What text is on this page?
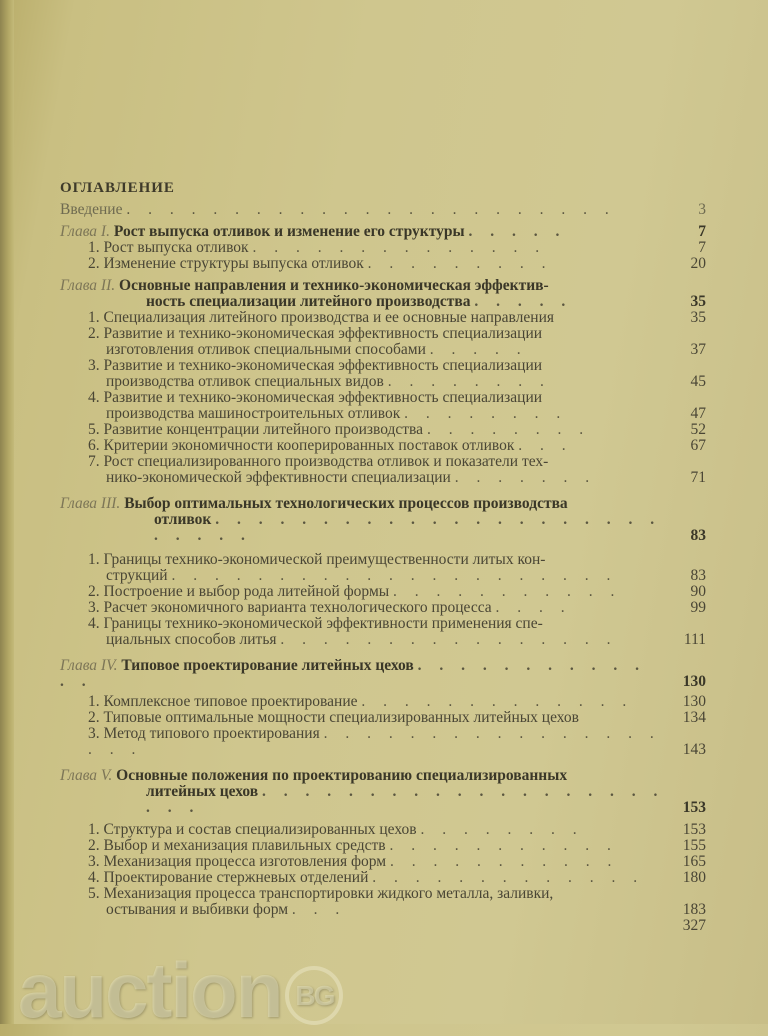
ОГЛАВЛЕНИЕ
Введение . . . . . . . . . . . . . . . . . . . . . . .	3
Глава I. Рост выпуска отливок и изменение его структуры . . . . .	7
1. Рост выпуска отливок . . . . . . . . . . . . . .	7
2. Изменение структуры выпуска отливок . . . . . . . . .	20
Глава II. Основные направления и технико-экономическая эффектив-
ность специализации литейного производства . . . . .	35
1. Специализация литейного производства и ее основные направления	35
2. Развитие и технико-экономическая эффективность специализации
изготовления отливок специальными способами . . . . .	37
3. Развитие и технико-экономическая эффективность специализации
производства отливок специальных видов . . . . . . . .	45
4. Развитие и технико-экономическая эффективность специализации
производства машиностроительных отливок . . . . . . . .	47
5. Развитие концентрации литейного производства . . . . . . . .	52
6. Критерии экономичности кооперированных поставок отливок . . .	67
7. Рост специализированного производства отливок и показатели тех-
нико-экономической эффективности специализации . . . . . . .	71
Глава III. Выбор оптимальных технологических процессов производства
отливок . . . . . . . . . . . . . . . . . . . . . . . . . .	83
1. Границы технико-экономической преимущественности литых кон-
струкций . . . . . . . . . . . . . . . . . . . . .	83
2. Построение и выбор рода литейной формы . . . . . . . . . . .	90
3. Расчет экономичного варианта технологического процесса . . . .	99
4. Границы технико-экономической эффективности применения спе-
циальных способов литья . . . . . . . . . . . . . . . .	111
Глава IV. Типовое проектирование литейных цехов . . . . . . . . . . . . .	130
1. Комплексное типовое проектирование . . . . . . . . . . . . .	130
2. Типовые оптимальные мощности специализированных литейных цехов	134
3. Метод типового проектирования . . . . . . . . . . . . . . . . . . .	143
Глава V. Основные положения по проектированию специализированных
литейных цехов . . . . . . . . . . . . . . . . . . . . . .	153
1. Структура и состав специализированных цехов . . . . . . . .	153
2. Выбор и механизация плавильных средств . . . . . . . . . . .	155
3. Механизация процесса изготовления форм . . . . . . . . . . .	165
4. Проектирование стержневых отделений . . . . . . . . . . . . .	180
5. Механизация процесса транспортировки жидкого металла, заливки,
остывания и выбивки форм . . .	183
327
auction BG
